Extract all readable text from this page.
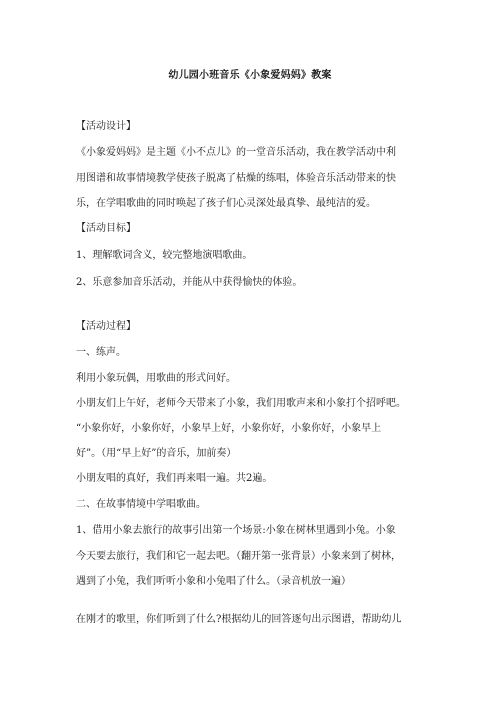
幼儿园小班音乐《小象爱妈妈》教案
【活动设计】
《小象爱妈妈》是主题《小不点儿》的一堂音乐活动，我在教学活动中利
用图谱和故事情境教学使孩子脱离了枯燥的练唱，体验音乐活动带来的快
乐，在学唱歌曲的同时唤起了孩子们心灵深处最真挚、最纯洁的爱。
【活动目标】
1、理解歌词含义，较完整地演唱歌曲。
2、乐意参加音乐活动，并能从中获得愉快的体验。
【活动过程】
一、练声。
利用小象玩偶，用歌曲的形式问好。
小朋友们上午好，老师今天带来了小象，我们用歌声来和小象打个招呼吧。
“小象你好，小象你好，小象早上好，小象你好，小象你好，小象早上
好”。（用“早上好”的音乐，加前奏）
小朋友唱的真好，我们再来唱一遍。共2遍。
二、在故事情境中学唱歌曲。
1、借用小象去旅行的故事引出第一个场景:小象在树林里遇到小兔。小象
今天要去旅行，我们和它一起去吧。（翻开第一张背景）小象来到了树林，
遇到了小兔，我们听听小象和小兔唱了什么。（录音机放一遍）
在刚才的歌里，你们听到了什么?根据幼儿的回答逐句出示图谱，帮助幼儿
